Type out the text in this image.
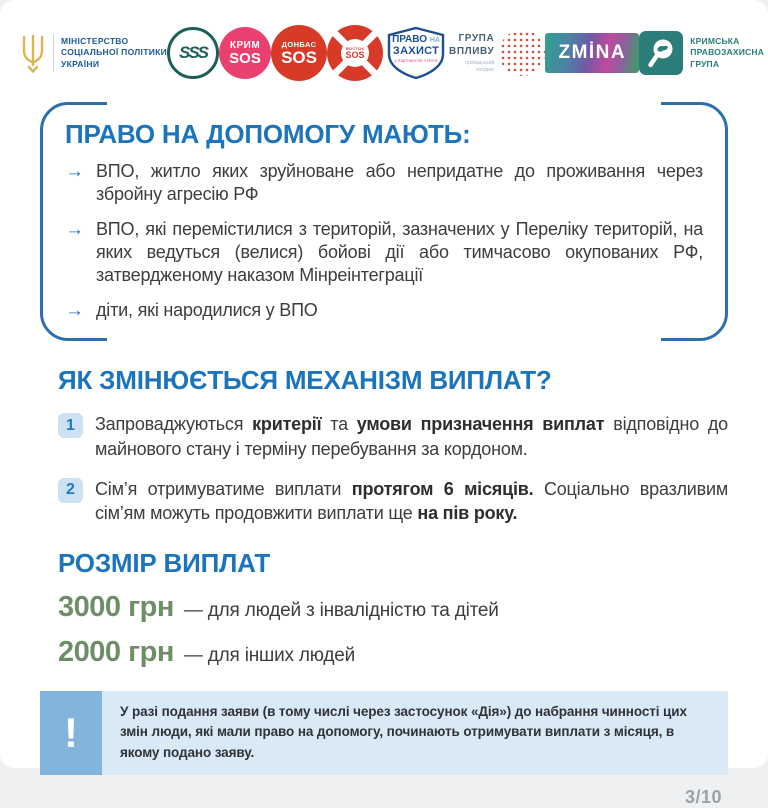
МІНІСТЕРСТВО
СОЦІАЛЬНОЇ ПОЛІТИКИ
УКРАЇНИ
SSS КРИМ
SOS
ДОНБАС
SOS	ВОСТОК
SOS
ПРАВО НА
ЗАХИСТ
у партнерстві з HIAS
ГРУПА
ВПЛИВУ
громадський
холдинг
ZMİNA
КРИМСЬКА
ПРАВОЗАХИСНА
ГРУПА
ПРАВО НА ДОПОМОГУ МАЮТЬ:
→ ВПО, житло яких зруйноване або непридатне до проживання через збройну агресію РФ
→ ВПО, які перемістилися з територій, зазначених у Переліку територій, на яких ведуться (велися) бойові дії або тимчасово окупованих РФ, затвердженому наказом Мінреінтеграції
→ діти, які народилися у ВПО
ЯК ЗМІНЮЄТЬСЯ МЕХАНІЗМ ВИПЛАТ?
1	Запроваджуються критерії та умови призначення виплат відповідно до майнового стану і терміну перебування за кордоном.
2	Сім’я отримуватиме виплати протягом 6 місяців. Соціально вразливим сім’ям можуть продовжити виплати ще на пів року.
РОЗМІР ВИПЛАТ
3000 грн — для людей з інвалідністю та дітей
2000 грн — для інших людей
!	У разі подання заяви (в тому числі через застосунок «Дія») до набрання чинності цих змін люди, які мали право на допомогу, починають отримувати виплати з місяця, в якому подано заяву.

3/10
